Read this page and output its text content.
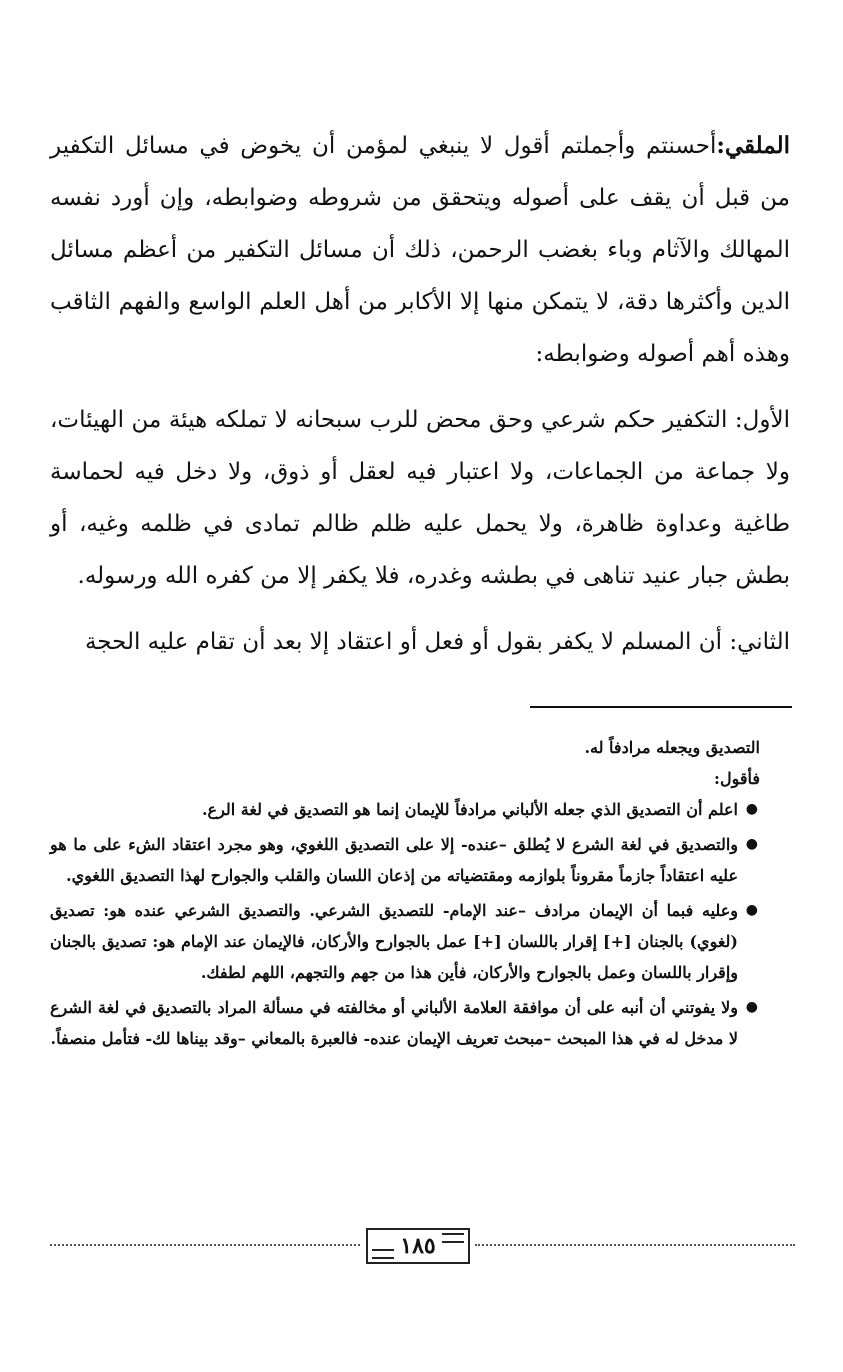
الملقي:أحسنتم وأجملتم أقول لا ينبغي لمؤمن أن يخوض في مسائل التكفير من قبل أن يقف على أصوله ويتحقق من شروطه وضوابطه، وإن أورد نفسه المهالك والآثام وباء بغضب الرحمن، ذلك أن مسائل التكفير من أعظم مسائل الدين وأكثرها دقة، لا يتمكن منها إلا الأكابر من أهل العلم الواسع والفهم الثاقب وهذه أهم أصوله وضوابطه:

الأول: التكفير حكم شرعي وحق محض للرب سبحانه لا تملكه هيئة من الهيئات، ولا جماعة من الجماعات، ولا اعتبار فيه لعقل أو ذوق، ولا دخل فيه لحماسة طاغية وعداوة ظاهرة، ولا يحمل عليه ظلم ظالم تمادى في ظلمه وغيه، أو بطش جبار عنيد تناهى في بطشه وغدره، فلا يكفر إلا من كفره الله ورسوله.

الثاني: أن المسلم لا يكفر بقول أو فعل أو اعتقاد إلا بعد أن تقام عليه الحجة

التصديق ويجعله مرادفاً له.

فأقول:

●
اعلم أن التصديق الذي جعله الألباني مرادفاً للإيمان إنما هو التصديق في لغة الرع.
●
والتصديق في لغة الشرع لا يُطلق –عنده- إلا على التصديق اللغوي، وهو مجرد اعتقاد الشء على ما هو عليه اعتقاداً جازماً مقروناً بلوازمه ومقتضياته من إذعان اللسان والقلب والجوارح لهذا التصديق اللغوي.
●
وعليه فبما أن الإيمان مرادف –عند الإمام- للتصديق الشرعي. والتصديق الشرعي عنده هو: تصديق (لغوي) بالجنان [+] إقرار باللسان [+] عمل بالجوارح والأركان، فالإيمان عند الإمام هو: تصديق بالجنان وإقرار باللسان وعمل بالجوارح والأركان، فأين هذا من جهم والتجهم، اللهم لطفك.
●
ولا يفوتني أن أنبه على أن موافقة العلامة الألباني أو مخالفته في مسألة المراد بالتصديق في لغة الشرع لا مدخل له في هذا المبحث –مبحث تعريف الإيمان عنده- فالعبرة بالمعاني –وقد بيناها لك- فتأمل منصفاً.
١٨٥
